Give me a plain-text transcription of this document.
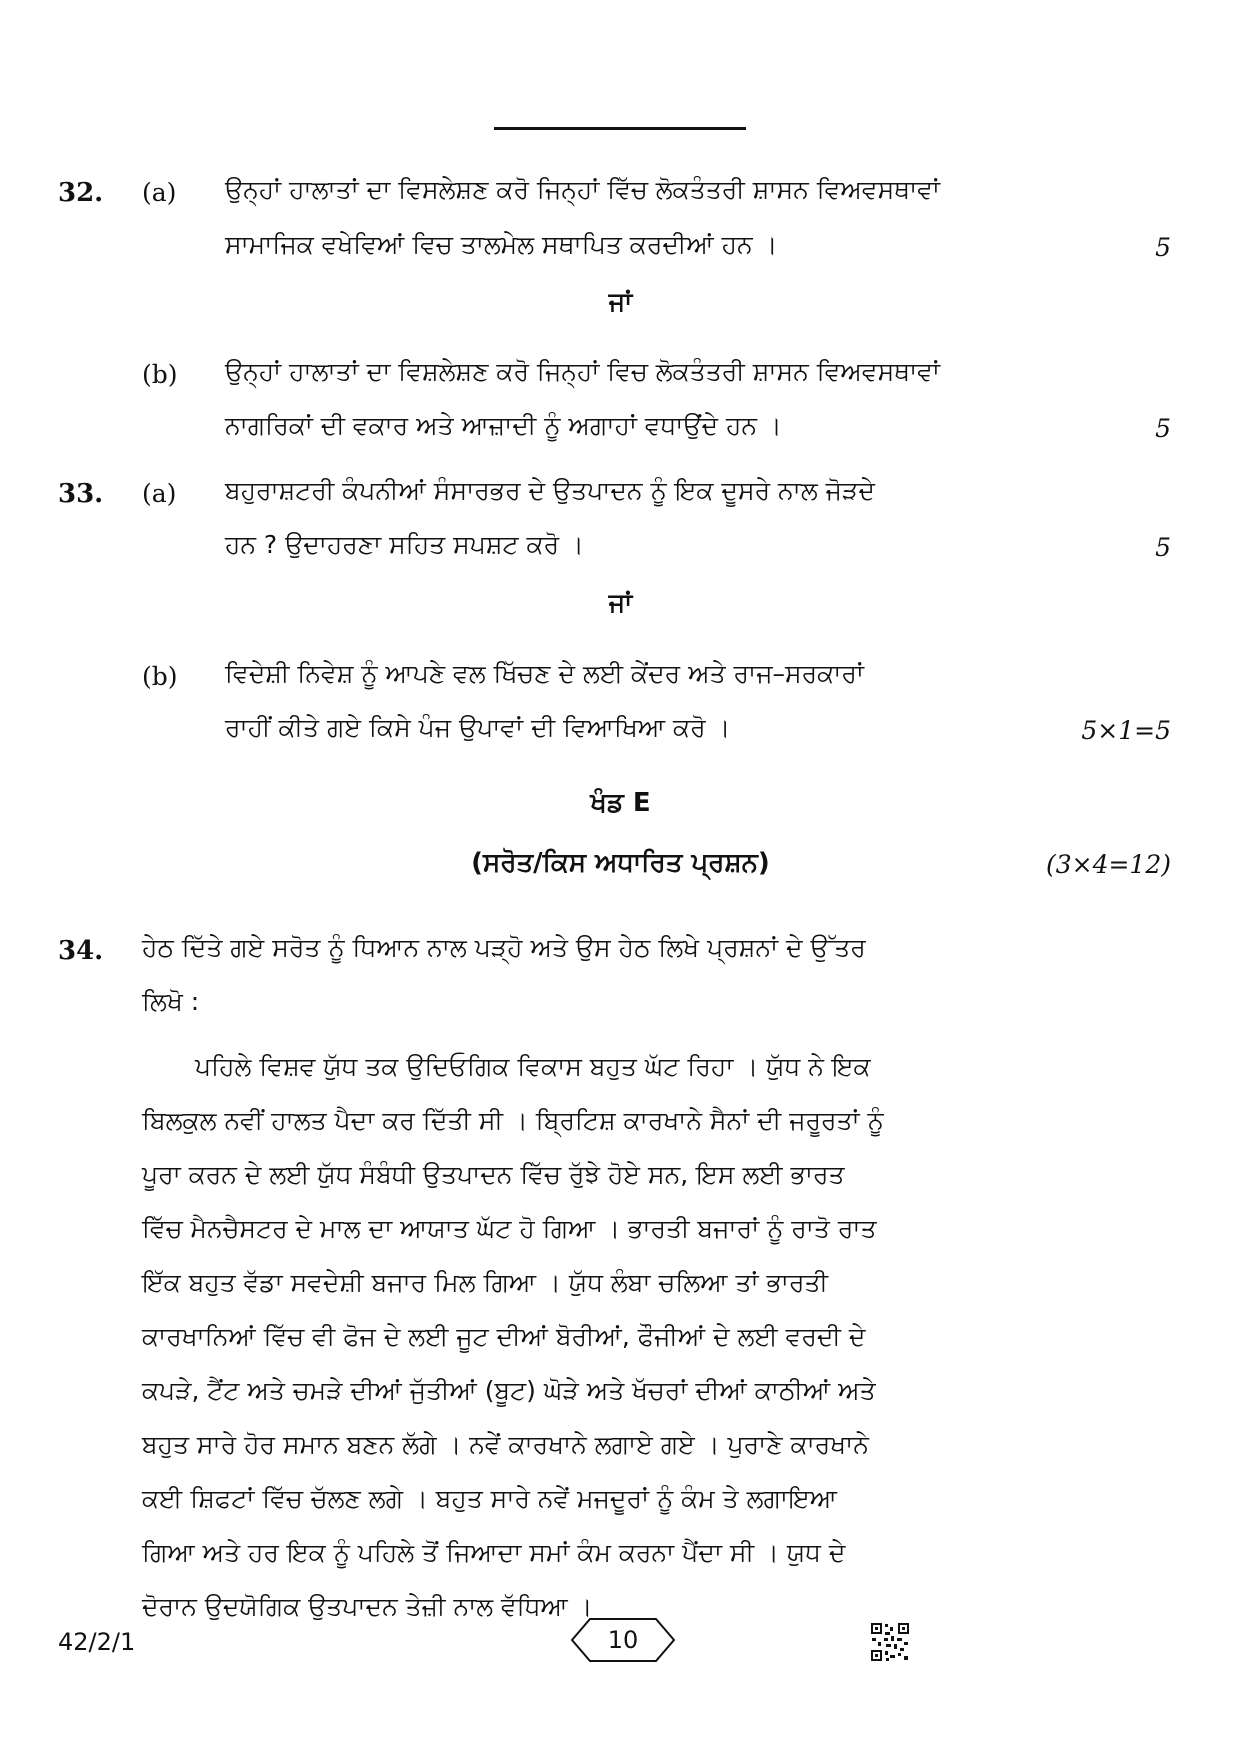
32. (a) ਉਨ੍ਹਾਂ ਹਾਲਾਤਾਂ ਦਾ ਵਿਸਲੇਸ਼ਣ ਕਰੋ ਜਿਨ੍ਹਾਂ ਵਿੱਚ ਲੋਕਤੰਤਰੀ ਸ਼ਾਸਨ ਵਿਅਵਸਥਾਵਾਂ
ਸਾਮਾਜਿਕ ਵਖੇਵਿਆਂ ਵਿਚ ਤਾਲਮੇਲ ਸਥਾਪਿਤ ਕਰਦੀਆਂ ਹਨ ।	5
ਜਾਂ
(b) ਉਨ੍ਹਾਂ ਹਾਲਾਤਾਂ ਦਾ ਵਿਸ਼ਲੇਸ਼ਣ ਕਰੋ ਜਿਨ੍ਹਾਂ ਵਿਚ ਲੋਕਤੰਤਰੀ ਸ਼ਾਸਨ ਵਿਅਵਸਥਾਵਾਂ
ਨਾਗਰਿਕਾਂ ਦੀ ਵਕਾਰ ਅਤੇ ਆਜ਼ਾਦੀ ਨੂੰ ਅਗਾਹਾਂ ਵਧਾਉਂਦੇ ਹਨ ।	5
33. (a) ਬਹੁਰਾਸ਼ਟਰੀ ਕੰਪਨੀਆਂ ਸੰਸਾਰਭਰ ਦੇ ਉਤਪਾਦਨ ਨੂੰ ਇਕ ਦੂਸਰੇ ਨਾਲ ਜੋੜਦੇ
ਹਨ ? ਉਦਾਹਰਣਾ ਸਹਿਤ ਸਪਸ਼ਟ ਕਰੋ ।	5
ਜਾਂ
(b) ਵਿਦੇਸ਼ੀ ਨਿਵੇਸ਼ ਨੂੰ ਆਪਣੇ ਵਲ ਖਿੱਚਣ ਦੇ ਲਈ ਕੇਂਦਰ ਅਤੇ ਰਾਜ–ਸਰਕਾਰਾਂ
ਰਾਹੀਂ ਕੀਤੇ ਗਏ ਕਿਸੇ ਪੰਜ ਉਪਾਵਾਂ ਦੀ ਵਿਆਖਿਆ ਕਰੋ ।	5×1=5
ਖੰਡ E
(ਸਰੋਤ/ਕਿਸ ਅਧਾਰਿਤ ਪ੍ਰਸ਼ਨ)	(3×4=12)
34. ਹੇਠ ਦਿੱਤੇ ਗਏ ਸਰੋਤ ਨੂੰ ਧਿਆਨ ਨਾਲ ਪੜ੍ਹੋ ਅਤੇ ਉਸ ਹੇਠ ਲਿਖੇ ਪ੍ਰਸ਼ਨਾਂ ਦੇ ਉੱਤਰ
ਲਿਖੋ :
ਪਹਿਲੇ ਵਿਸ਼ਵ ਯੁੱਧ ਤਕ ਉਦਿਓਗਿਕ ਵਿਕਾਸ ਬਹੁਤ ਘੱਟ ਰਿਹਾ । ਯੁੱਧ ਨੇ ਇਕ
ਬਿਲਕੁਲ ਨਵੀਂ ਹਾਲਤ ਪੈਦਾ ਕਰ ਦਿੱਤੀ ਸੀ । ਬ੍ਰਿਟਿਸ਼ ਕਾਰਖਾਨੇ ਸੈਨਾਂ ਦੀ ਜਰੂਰਤਾਂ ਨੂੰ
ਪੂਰਾ ਕਰਨ ਦੇ ਲਈ ਯੁੱਧ ਸੰਬੰਧੀ ਉਤਪਾਦਨ ਵਿੱਚ ਰੁੱਝੇ ਹੋਏ ਸਨ, ਇਸ ਲਈ ਭਾਰਤ
ਵਿੱਚ ਮੈਨਚੈਸਟਰ ਦੇ ਮਾਲ ਦਾ ਆਯਾਤ ਘੱਟ ਹੋ ਗਿਆ । ਭਾਰਤੀ ਬਜਾਰਾਂ ਨੂੰ ਰਾਤੋ ਰਾਤ
ਇੱਕ ਬਹੁਤ ਵੱਡਾ ਸਵਦੇਸ਼ੀ ਬਜਾਰ ਮਿਲ ਗਿਆ । ਯੁੱਧ ਲੰਬਾ ਚਲਿਆ ਤਾਂ ਭਾਰਤੀ
ਕਾਰਖਾਨਿਆਂ ਵਿੱਚ ਵੀ ਫੋਜ ਦੇ ਲਈ ਜੂਟ ਦੀਆਂ ਬੋਰੀਆਂ, ਫੌਜੀਆਂ ਦੇ ਲਈ ਵਰਦੀ ਦੇ
ਕਪੜੇ, ਟੈਂਟ ਅਤੇ ਚਮੜੇ ਦੀਆਂ ਜੁੱਤੀਆਂ (ਬੂਟ) ਘੋੜੇ ਅਤੇ ਖੱਚਰਾਂ ਦੀਆਂ ਕਾਠੀਆਂ ਅਤੇ
ਬਹੁਤ ਸਾਰੇ ਹੋਰ ਸਮਾਨ ਬਣਨ ਲੱਗੇ । ਨਵੇਂ ਕਾਰਖਾਨੇ ਲਗਾਏ ਗਏ । ਪੁਰਾਣੇ ਕਾਰਖਾਨੇ
ਕਈ ਸ਼ਿਫਟਾਂ ਵਿੱਚ ਚੱਲਣ ਲਗੇ । ਬਹੁਤ ਸਾਰੇ ਨਵੇਂ ਮਜਦੂਰਾਂ ਨੂੰ ਕੰਮ ਤੇ ਲਗਾਇਆ
ਗਿਆ ਅਤੇ ਹਰ ਇਕ ਨੂੰ ਪਹਿਲੇ ਤੋਂ ਜਿਆਦਾ ਸਮਾਂ ਕੰਮ ਕਰਨਾ ਪੈਂਦਾ ਸੀ । ਯੁਧ ਦੇ
ਦੋਰਾਨ ਉਦਯੋਗਿਕ ਉਤਪਾਦਨ ਤੇਜ਼ੀ ਨਾਲ ਵੱਧਿਆ ।
42/2/1	10
